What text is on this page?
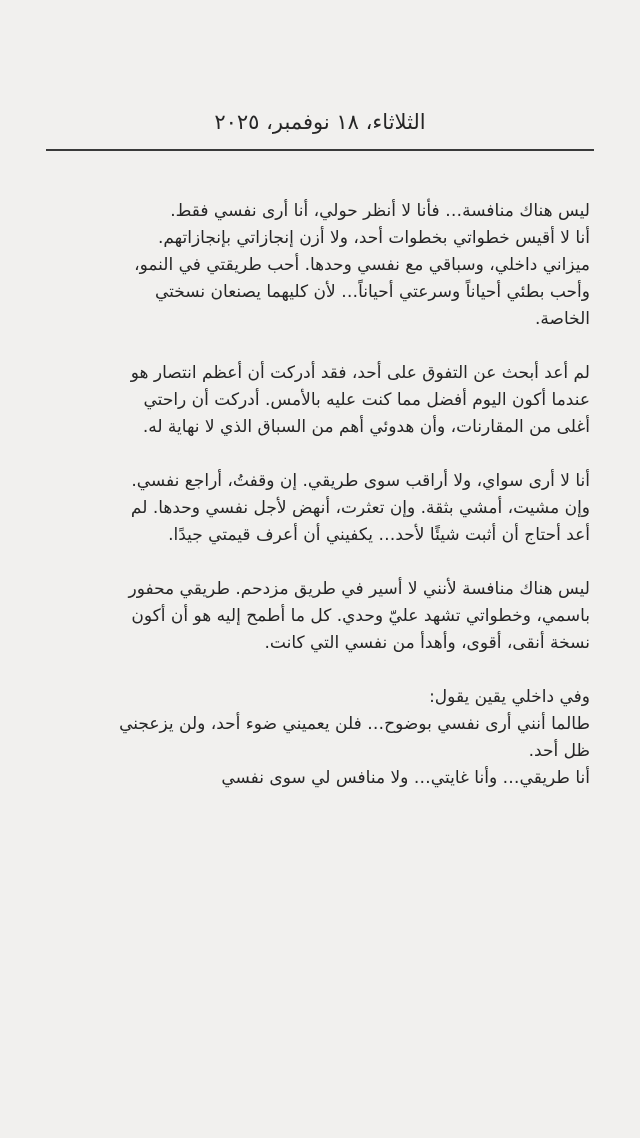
الثلاثاء، ١٨ نوفمبر، ٢٠٢٥

ليس هناك منافسة… فأنا لا أنظر حولي، أنا أرى نفسي فقط.
أنا لا أقيس خطواتي بخطوات أحد، ولا أزن إنجازاتي بإنجازاتهم.
ميزاني داخلي، وسباقي مع نفسي وحدها. أحب طريقتي في النمو،
وأحب بطئي أحياناً وسرعتي أحياناً… لأن كليهما يصنعان نسختي
الخاصة.

لم أعد أبحث عن التفوق على أحد، فقد أدركت أن أعظم انتصار هو
عندما أكون اليوم أفضل مما كنت عليه بالأمس. أدركت أن راحتي
أغلى من المقارنات، وأن هدوئي أهم من السباق الذي لا نهاية له.

أنا لا أرى سواي، ولا أراقب سوى طريقي. إن وقفتُ، أراجع نفسي.
وإن مشيت، أمشي بثقة. وإن تعثرت، أنهض لأجل نفسي وحدها. لم
أعد أحتاج أن أثبت شيئًا لأحد… يكفيني أن أعرف قيمتي جيدًا.

ليس هناك منافسة لأنني لا أسير في طريق مزدحم. طريقي محفور
باسمي، وخطواتي تشهد عليّ وحدي. كل ما أطمح إليه هو أن أكون
نسخة أنقى، أقوى، وأهدأ من نفسي التي كانت.

وفي داخلي يقين يقول:
طالما أنني أرى نفسي بوضوح… فلن يعميني ضوء أحد، ولن يزعجني
ظل أحد.
أنا طريقي… وأنا غايتي… ولا منافس لي سوى نفسي
